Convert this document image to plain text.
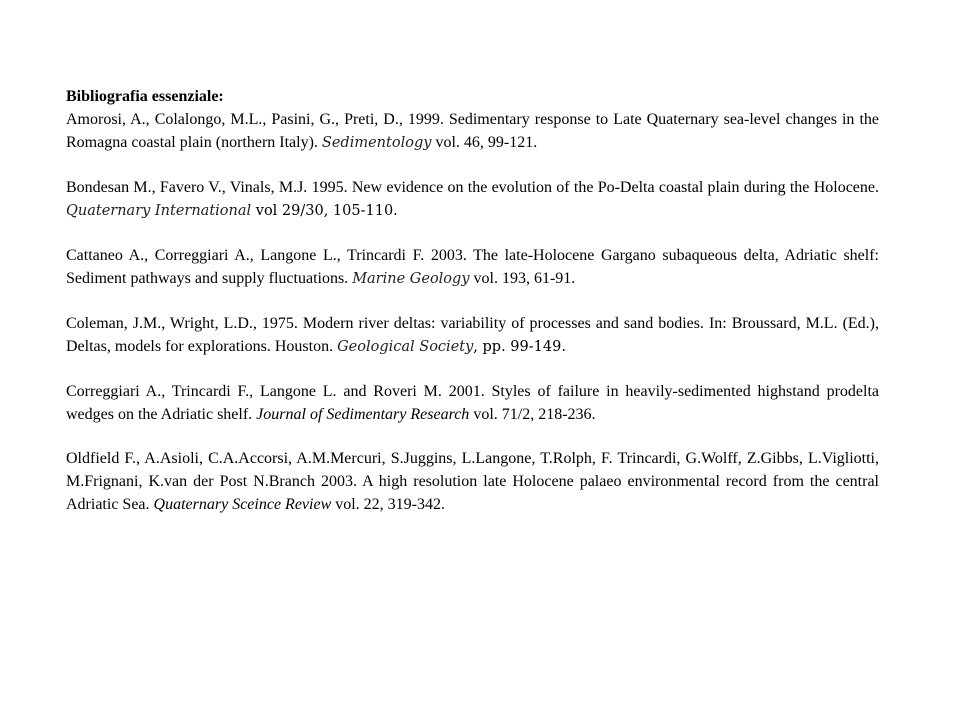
Bibliografia essenziale:

Amorosi, A., Colalongo, M.L., Pasini, G., Preti, D., 1999. Sedimentary response to Late Quaternary sea-level changes in the Romagna coastal plain (northern Italy). Sedimentology vol. 46, 99-121.

Bondesan M., Favero V., Vinals, M.J. 1995. New evidence on the evolution of the Po-Delta coastal plain during the Holocene. Quaternary International vol 29/30, 105-110.

Cattaneo A., Correggiari A., Langone L., Trincardi F. 2003. The late-Holocene Gargano subaqueous delta, Adriatic shelf: Sediment pathways and supply fluctuations. Marine Geology vol. 193, 61-91.

Coleman, J.M., Wright, L.D., 1975. Modern river deltas: variability of processes and sand bodies. In: Broussard, M.L. (Ed.), Deltas, models for explorations. Houston. Geological Society, pp. 99-149.

Correggiari A., Trincardi F., Langone L. and Roveri M. 2001. Styles of failure in heavily-sedimented highstand prodelta wedges on the Adriatic shelf. Journal of Sedimentary Research vol. 71/2, 218-236.

Oldfield F., A.Asioli, C.A.Accorsi, A.M.Mercuri, S.Juggins, L.Langone, T.Rolph, F. Trincardi, G.Wolff, Z.Gibbs, L.Vigliotti, M.Frignani, K.van der Post N.Branch 2003. A high resolution late Holocene palaeo environmental record from the central Adriatic Sea. Quaternary Sceince Review vol. 22, 319-342.
